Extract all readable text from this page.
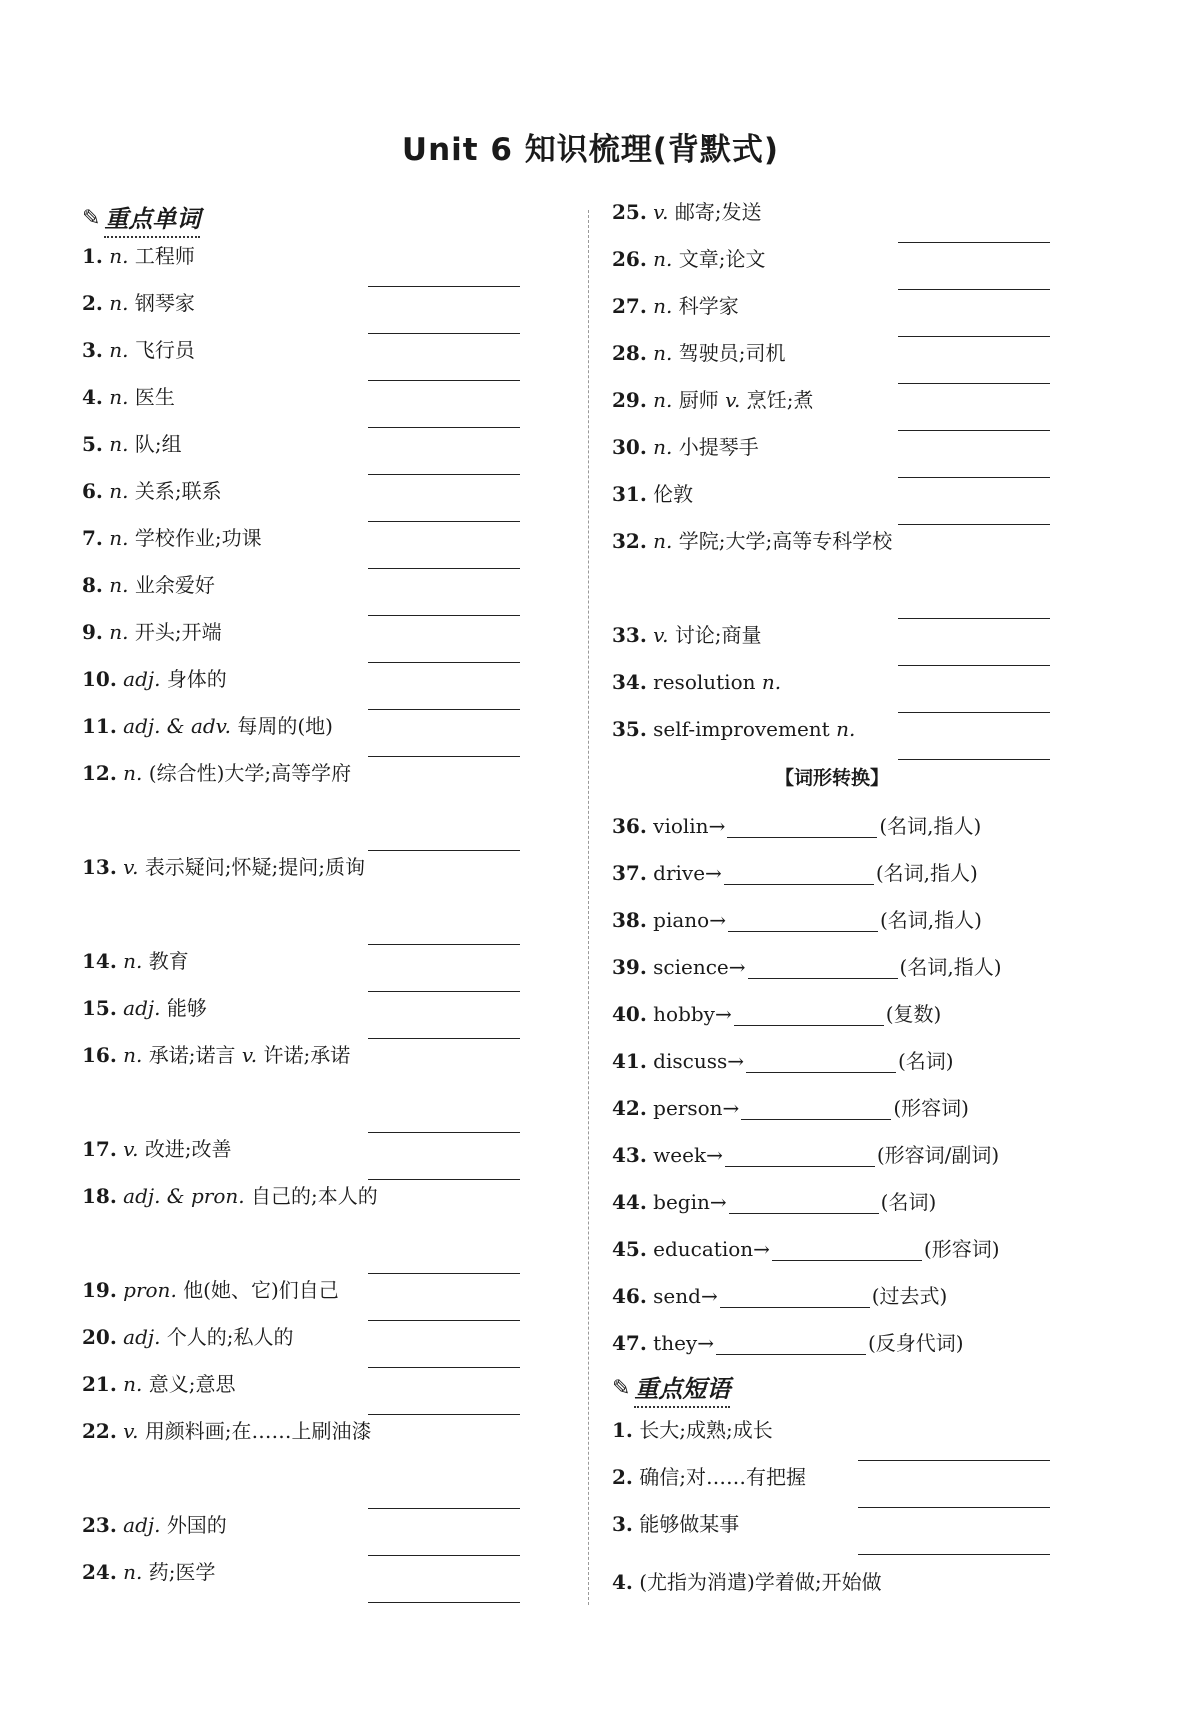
Unit 6 知识梳理(背默式)
✎ 重点单词
1. n. 工程师
2. n. 钢琴家
3. n. 飞行员
4. n. 医生
5. n. 队;组
6. n. 关系;联系
7. n. 学校作业;功课
8. n. 业余爱好
9. n. 开头;开端
10. adj. 身体的
11. adj. & adv. 每周的(地)
12. n. (综合性)大学;高等学府
13. v. 表示疑问;怀疑;提问;质询
14. n. 教育
15. adj. 能够
16. n. 承诺;诺言 v. 许诺;承诺
17. v. 改进;改善
18. adj. & pron. 自己的;本人的
19. pron. 他(她、它)们自己
20. adj. 个人的;私人的
21. n. 意义;意思
22. v. 用颜料画;在……上刷油漆
23. adj. 外国的
24. n. 药;医学
【词形转换】
✎ 重点短语
25. v. 邮寄;发送
26. n. 文章;论文
27. n. 科学家
28. n. 驾驶员;司机
29. n. 厨师 v. 烹饪;煮
30. n. 小提琴手
31. 伦敦
32. n. 学院;大学;高等专科学校
33. v. 讨论;商量
34. resolution n.
35. self-improvement n.
36. violin→	(名词,指人)
37. drive→	(名词,指人)
38. piano→	(名词,指人)
39. science→	(名词,指人)
40. hobby→	(复数)
41. discuss→	(名词)
42. person→	(形容词)
43. week→	(形容词/副词)
44. begin→	(名词)
45. education→	(形容词)
46. send→	(过去式)
47. they→	(反身代词)
1. 长大;成熟;成长
2. 确信;对……有把握
3. 能够做某事
4. (尤指为消遣)学着做;开始做
